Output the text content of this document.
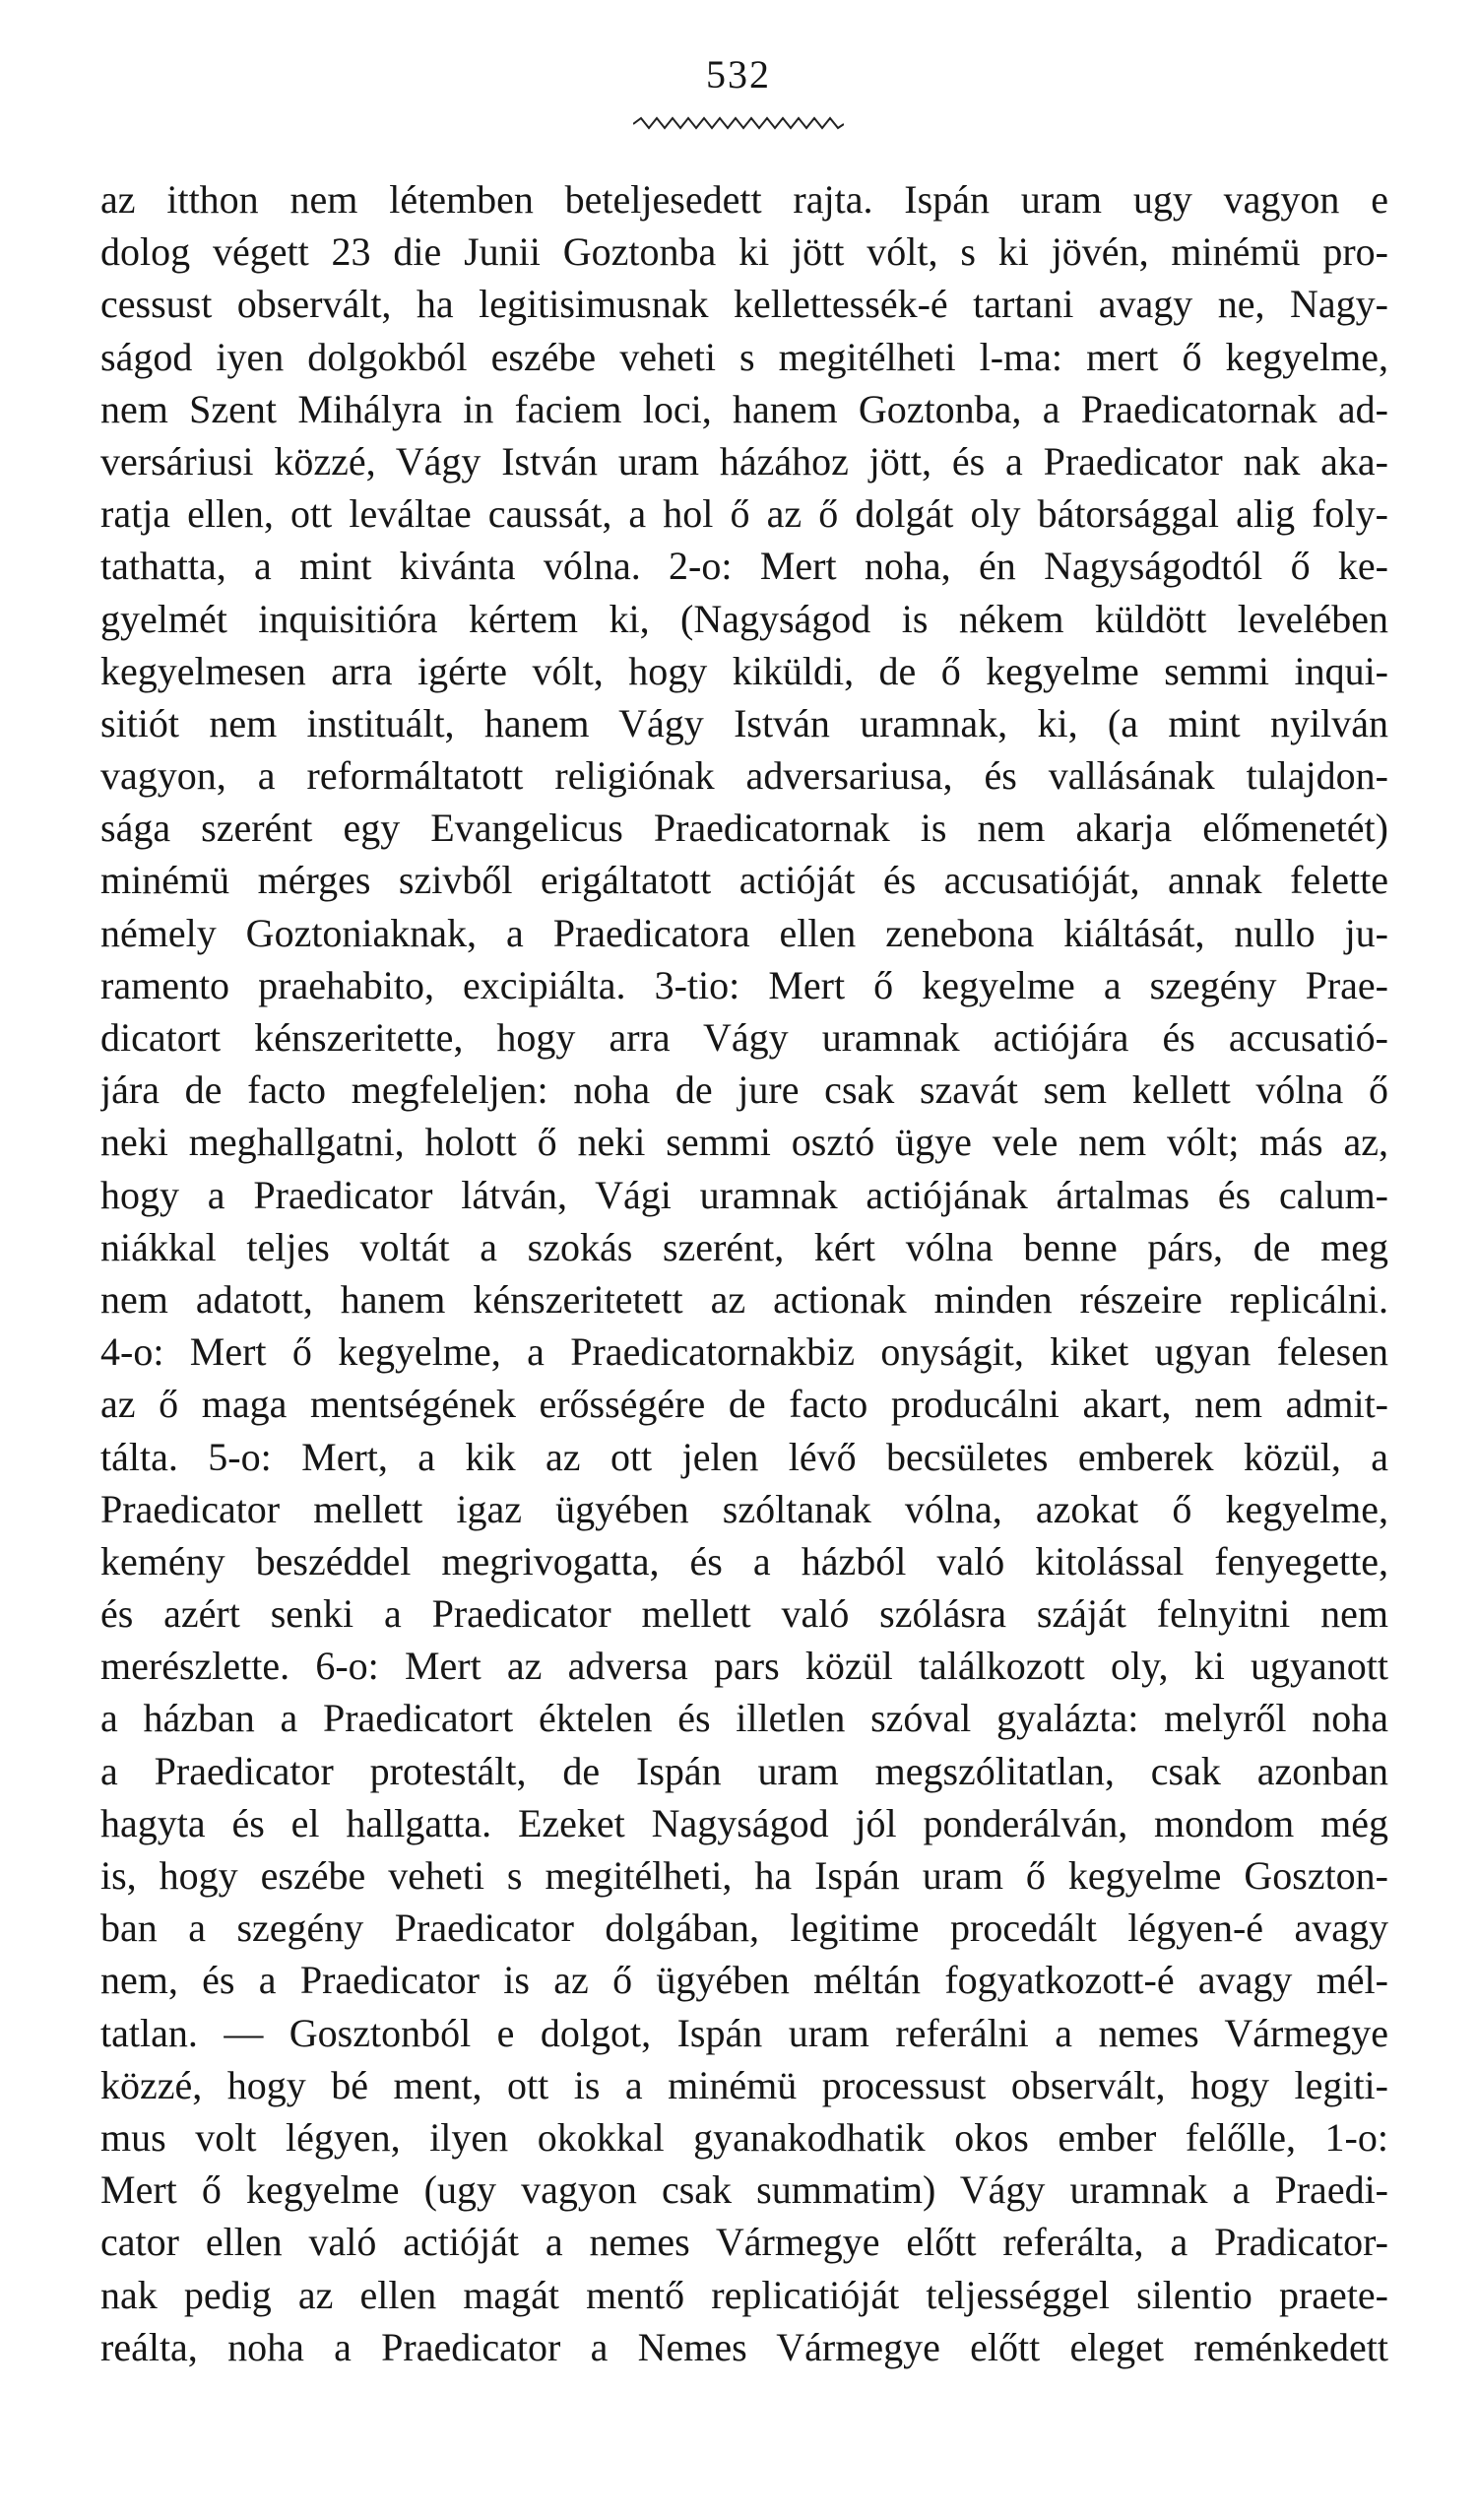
532
az itthon nem létemben beteljesedett rajta. Ispán uram ugy vagyon e
dolog végett 23 die Junii Goztonba ki jött vólt, s ki jövén, minémü pro-
cessust observált, ha legitisimusnak kellettessék-é tartani avagy ne, Nagy-
ságod iyen dolgokból eszébe veheti s megitélheti l-ma: mert ő kegyelme,
nem Szent Mihályra in faciem loci, hanem Goztonba, a Praedicatornak ad-
versáriusi közzé, Vágy István uram házához jött, és a Praedicator nak aka-
ratja ellen, ott leváltae caussát, a hol ő az ő dolgát oly bátorsággal alig foly-
tathatta, a mint kivánta vólna. 2-o: Mert noha, én Nagyságodtól ő ke-
gyelmét inquisitióra kértem ki, (Nagyságod is nékem küldött levelében
kegyelmesen arra igérte vólt, hogy kiküldi, de ő kegyelme semmi inqui-
sitiót nem instituált, hanem Vágy István uramnak, ki, (a mint nyilván
vagyon, a reformáltatott religiónak adversariusa, és vallásának tulajdon-
sága szerént egy Evangelicus Praedicatornak is nem akarja előmenetét)
minémü mérges szivből erigáltatott actióját és accusatióját, annak felette
némely Goztoniaknak, a Praedicatora ellen zenebona kiáltását, nullo ju-
ramento praehabito, excipiálta. 3-tio: Mert ő kegyelme a szegény Prae-
dicatort kénszeritette, hogy arra Vágy uramnak actiójára és accusatió-
jára de facto megfeleljen: noha de jure csak szavát sem kellett vólna ő
neki meghallgatni, holott ő neki semmi osztó ügye vele nem vólt; más az,
hogy a Praedicator látván, Vági uramnak actiójának ártalmas és calum-
niákkal teljes voltát a szokás szerént, kért vólna benne párs, de meg
nem adatott, hanem kénszeritetett az actionak minden részeire replicálni.
4-o: Mert ő kegyelme, a Praedicatornakbiz onyságit, kiket ugyan felesen
az ő maga mentségének erősségére de facto producálni akart, nem admit-
tálta. 5-o: Mert, a kik az ott jelen lévő becsületes emberek közül, a
Praedicator mellett igaz ügyében szóltanak vólna, azokat ő kegyelme,
kemény beszéddel megrivogatta, és a házból való kitolással fenyegette,
és azért senki a Praedicator mellett való szólásra száját felnyitni nem
merészlette. 6-o: Mert az adversa pars közül találkozott oly, ki ugyanott
a házban a Praedicatort éktelen és illetlen szóval gyalázta: melyről noha
a Praedicator protestált, de Ispán uram megszólitatlan, csak azonban
hagyta és el hallgatta. Ezeket Nagyságod jól ponderálván, mondom még
is, hogy eszébe veheti s megitélheti, ha Ispán uram ő kegyelme Goszton-
ban a szegény Praedicator dolgában, legitime procedált légyen-é avagy
nem, és a Praedicator is az ő ügyében méltán fogyatkozott-é avagy mél-
tatlan. — Gosztonból e dolgot, Ispán uram referálni a nemes Vármegye
közzé, hogy bé ment, ott is a minémü processust observált, hogy legiti-
mus volt légyen, ilyen okokkal gyanakodhatik okos ember felőlle, 1-o:
Mert ő kegyelme (ugy vagyon csak summatim) Vágy uramnak a Praedi-
cator ellen való actióját a nemes Vármegye előtt referálta, a Pradicator-
nak pedig az ellen magát mentő replicatióját teljességgel silentio praete-
reálta, noha a Praedicator a Nemes Vármegye előtt eleget reménkedett
